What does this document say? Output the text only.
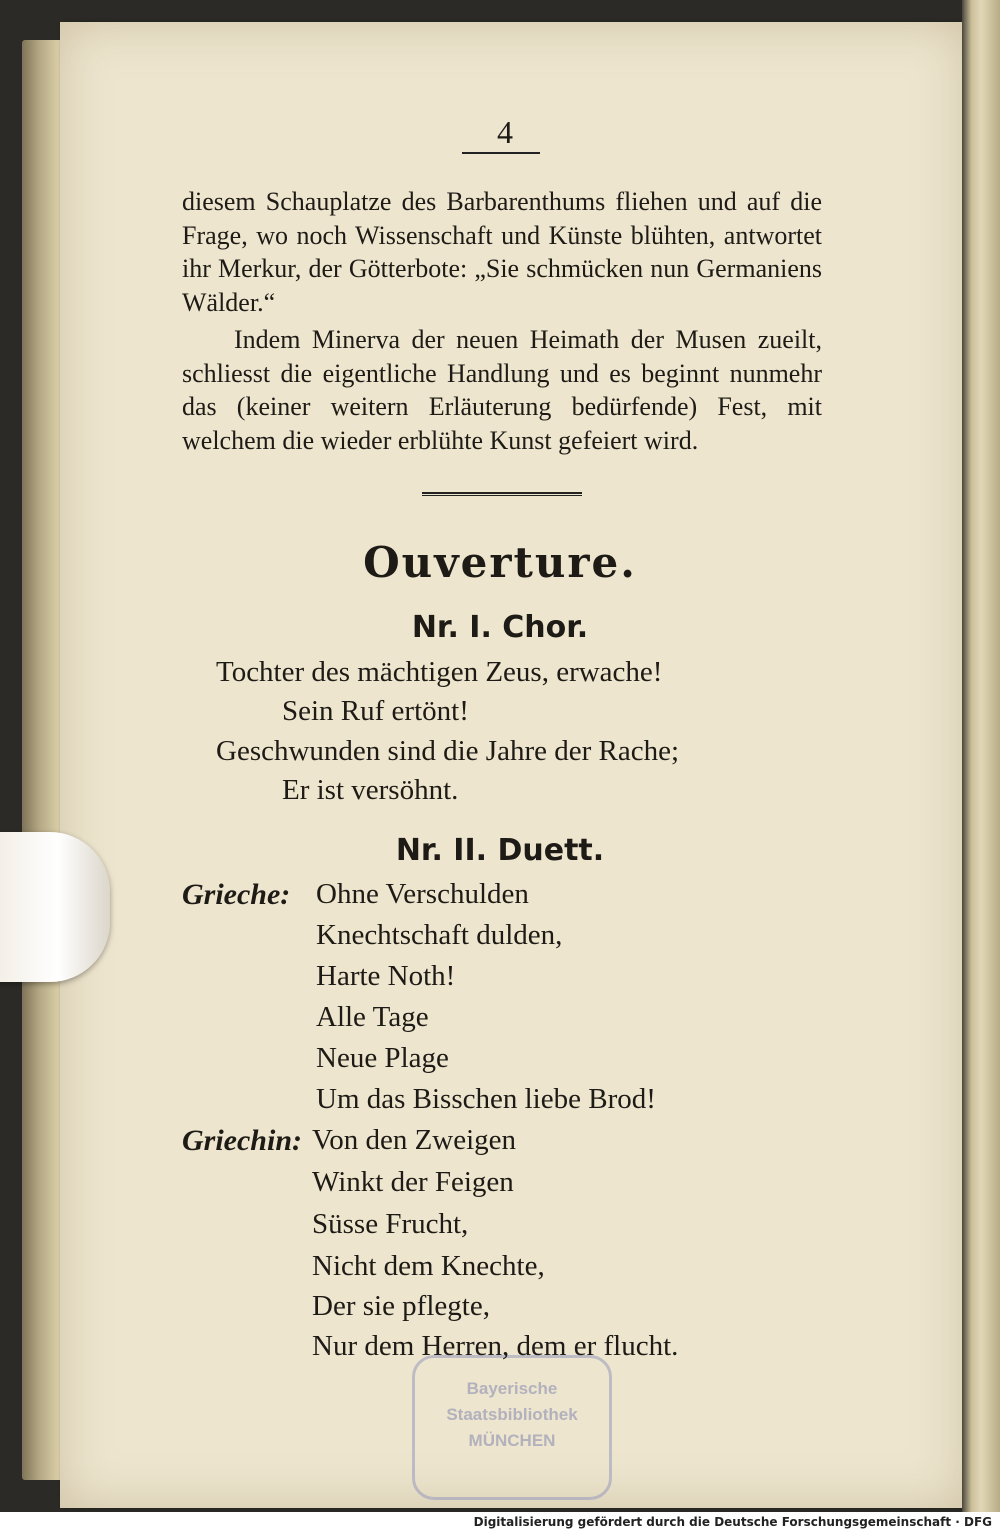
Bayerische
Staatsbibliothek
MÜNCHEN
4

diesem Schauplatze des Barbarenthums fliehen und auf die Frage, wo noch Wissenschaft und Künste blühten, antwortet ihr Merkur, der Götterbote: „Sie schmücken nun Germaniens Wälder.“

Indem Minerva der neuen Heimath der Musen zueilt, schliesst die eigentliche Handlung und es beginnt nunmehr das (keiner weitern Erläuterung bedürfende) Fest, mit welchem die wieder erblühte Kunst gefeiert wird.

Ouverture.
Nr. I. Chor.
Tochter des mächtigen Zeus, erwache!
Sein Ruf ertönt!
Geschwunden sind die Jahre der Rache;
Er ist versöhnt.
Nr. II. Duett.
Grieche: Ohne Verschulden
Knechtschaft dulden,
Harte Noth!
Alle Tage
Neue Plage
Um das Bisschen liebe Brod!
Griechin: Von den Zweigen
Winkt der Feigen
Süsse Frucht,
Nicht dem Knechte,
Der sie pflegte,
Nur dem Herren, dem er flucht.
Digitalisierung gefördert durch die Deutsche Forschungsgemeinschaft · DFG
